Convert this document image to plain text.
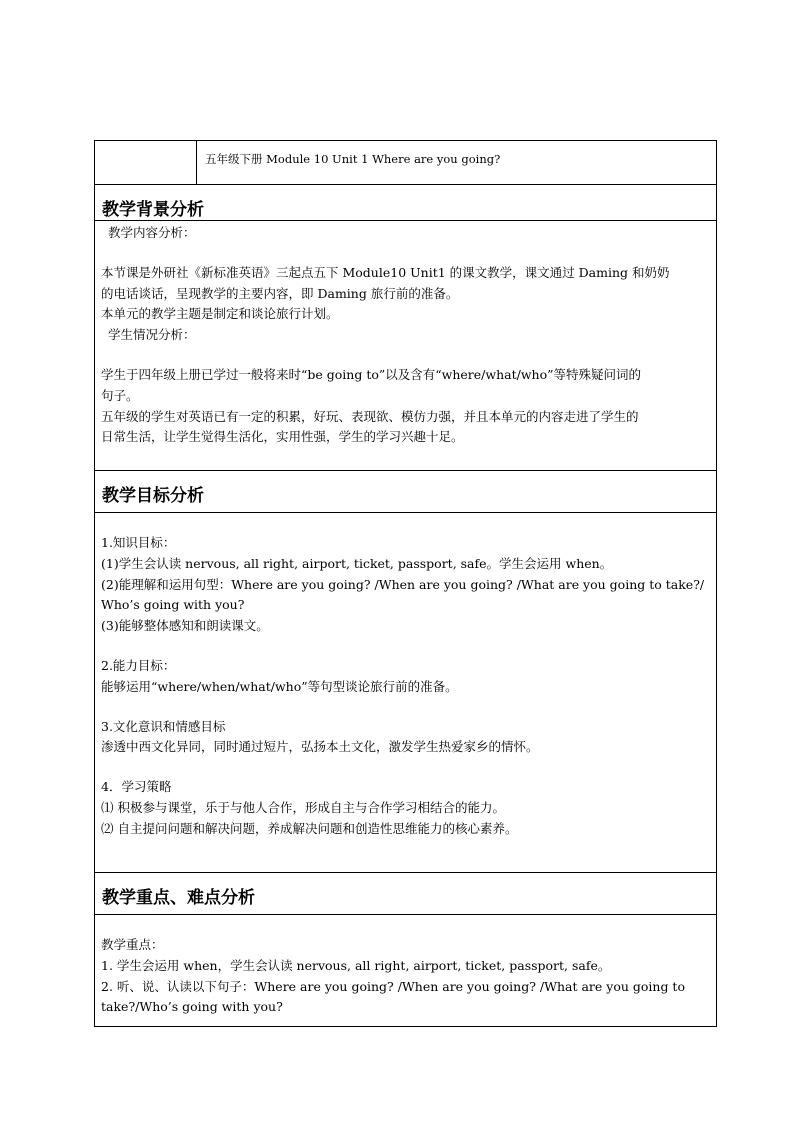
	五年级下册 Module 10 Unit 1 Where are you going?
教学背景分析

教学内容分析：

本节课是外研社《新标准英语》三起点五下 Module10 Unit1 的课文教学，课文通过 Daming 和奶奶

的电话谈话，呈现教学的主要内容，即 Daming 旅行前的准备。

本单元的教学主题是制定和谈论旅行计划。

学生情况分析：

学生于四年级上册已学过一般将来时“be going to”以及含有“where/what/who”等特殊疑问词的

句子。

五年级的学生对英语已有一定的积累，好玩、表现欲、模仿力强，并且本单元的内容走进了学生的

日常生活，让学生觉得生活化，实用性强，学生的学习兴趣十足。

教学目标分析

1.知识目标：

(1)学生会认读 nervous, all right, airport, ticket, passport, safe。学生会运用 when。

(2)能理解和运用句型：Where are you going? /When are you going? /What are you going to take?/

Who’s going with you?

(3)能够整体感知和朗读课文。

2.能力目标：

能够运用“where/when/what/who”等句型谈论旅行前的准备。

3.文化意识和情感目标

渗透中西文化异同，同时通过短片，弘扬本土文化，激发学生热爱家乡的情怀。

4．学习策略

⑴ 积极参与课堂，乐于与他人合作，形成自主与合作学习相结合的能力。

⑵ 自主提问问题和解决问题，养成解决问题和创造性思维能力的核心素养。

教学重点、难点分析

教学重点：

1. 学生会运用 when，学生会认读 nervous, all right, airport, ticket, passport, safe。

2. 听、说、认读以下句子：Where are you going? /When are you going? /What are you going to

take?/Who’s going with you?
